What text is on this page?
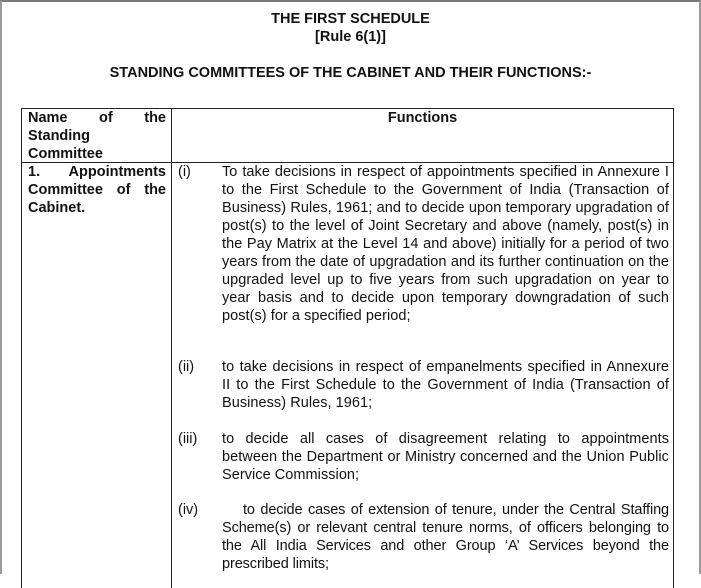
THE FIRST SCHEDULE
[Rule 6(1)]
STANDING COMMITTEES OF THE CABINET AND THEIR FUNCTIONS:-
Name of the
Standing
Committee
Functions
1. Appointments
Committee of the
Cabinet.
(i) To take decisions in respect of appointments specified in Annexure I to the First Schedule to the Government of India (Transaction of Business) Rules, 1961; and to decide upon temporary upgradation of post(s) to the level of Joint Secretary and above (namely, post(s) in the Pay Matrix at the Level 14 and above) initially for a period of two years from the date of upgradation and its further continuation on the upgraded level up to five years from such upgradation on year to year basis and to decide upon temporary downgradation of such post(s) for a specified period;
(ii) to take decisions in respect of empanelments specified in Annexure II to the First Schedule to the Government of India (Transaction of Business) Rules, 1961;
(iii) to decide all cases of disagreement relating to appointments between the Department or Ministry concerned and the Union Public Service Commission;
(iv)	to decide cases of extension of tenure, under the Central Staffing Scheme(s) or relevant central tenure norms, of officers belonging to the All India Services and other Group ‘A’ Services beyond the prescribed limits;
